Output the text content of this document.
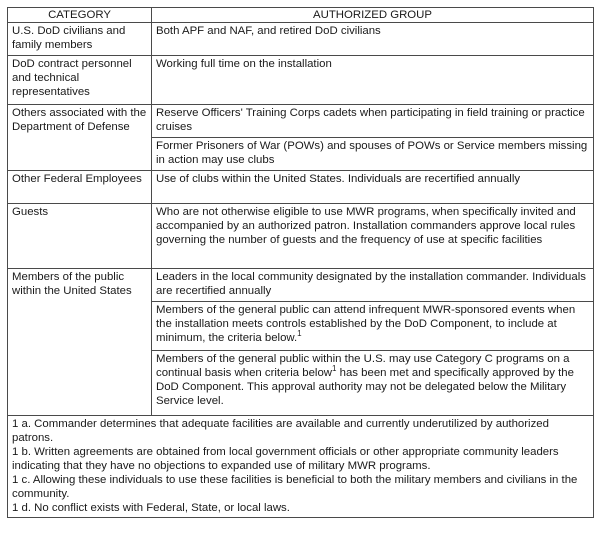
CATEGORY	AUTHORIZED GROUP
U.S. DoD civilians and family members	Both APF and NAF, and retired DoD civilians
DoD contract personnel and technical representatives	Working full time on the installation
Others associated with the Department of Defense	Reserve Officers' Training Corps cadets when participating in field training or practice cruises
	Former Prisoners of War (POWs) and spouses of POWs or Service members missing in action may use clubs
Other Federal Employees	Use of clubs within the United States. Individuals are recertified annually
Guests	Who are not otherwise eligible to use MWR programs, when specifically invited and accompanied by an authorized patron. Installation commanders approve local rules governing the number of guests and the frequency of use at specific facilities
Members of the public within the United States	Leaders in the local community designated by the installation commander. Individuals are recertified annually
	Members of the general public can attend infrequent MWR-sponsored events when the installation meets controls established by the DoD Component, to include at minimum, the criteria below.$^1$
	Members of the general public within the U.S. may use Category C programs on a continual basis when criteria below$^1$ has been met and specifically approved by the DoD Component. This approval authority may not be delegated below the Military Service level.

1 a. Commander determines that adequate facilities are available and currently underutilized by authorized patrons.

1 b. Written agreements are obtained from local government officials or other appropriate community leaders indicating that they have no objections to expanded use of military MWR programs.

1 c. Allowing these individuals to use these facilities is beneficial to both the military members and civilians in the community.

1 d. No conflict exists with Federal, State, or local laws.	
